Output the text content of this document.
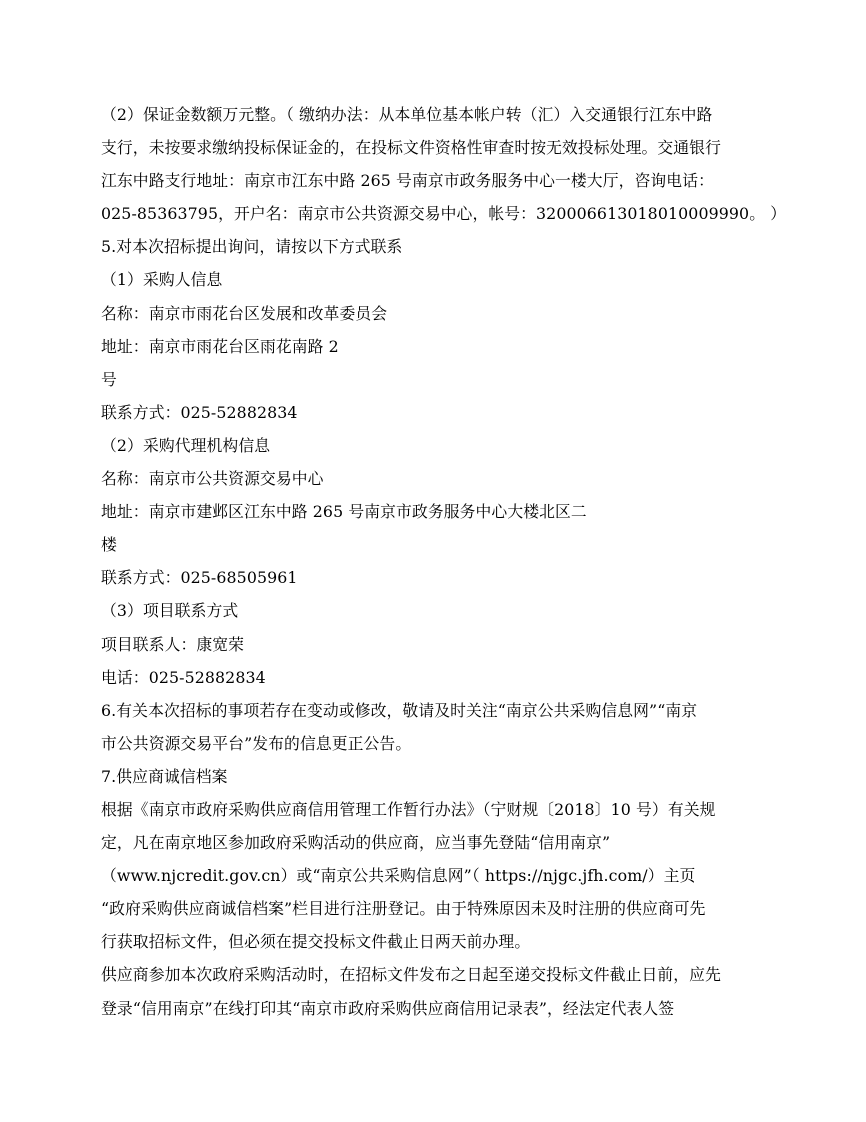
（2）保证金数额万元整。（ 缴纳办法：从本单位基本帐户转（汇）入交通银行江东中路
支行，未按要求缴纳投标保证金的，在投标文件资格性审查时按无效投标处理。交通银行
江东中路支行地址：南京市江东中路 265 号南京市政务服务中心一楼大厅，咨询电话：
025-85363795，开户名：南京市公共资源交易中心，帐号：320006613018010009990。 ）
5.对本次招标提出询问，请按以下方式联系
（1）采购人信息
名称：南京市雨花台区发展和改革委员会
地址：南京市雨花台区雨花南路 2
号
联系方式：025-52882834
（2）采购代理机构信息
名称：南京市公共资源交易中心
地址：南京市建邺区江东中路 265 号南京市政务服务中心大楼北区二
楼
联系方式：025-68505961
（3）项目联系方式
项目联系人：康宽荣
电话：025-52882834
6.有关本次招标的事项若存在变动或修改，敬请及时关注“南京公共采购信息网”“南京
市公共资源交易平台”发布的信息更正公告。
7.供应商诚信档案
根据《南京市政府采购供应商信用管理工作暂行办法》（宁财规〔2018〕10 号）有关规
定，凡在南京地区参加政府采购活动的供应商，应当事先登陆“信用南京”
（www.njcredit.gov.cn）或“南京公共采购信息网”（ https://njgc.jfh.com/）主页
“政府采购供应商诚信档案”栏目进行注册登记。由于特殊原因未及时注册的供应商可先
行获取招标文件，但必须在提交投标文件截止日两天前办理。
供应商参加本次政府采购活动时，在招标文件发布之日起至递交投标文件截止日前，应先
登录“信用南京”在线打印其“南京市政府采购供应商信用记录表”，经法定代表人签
